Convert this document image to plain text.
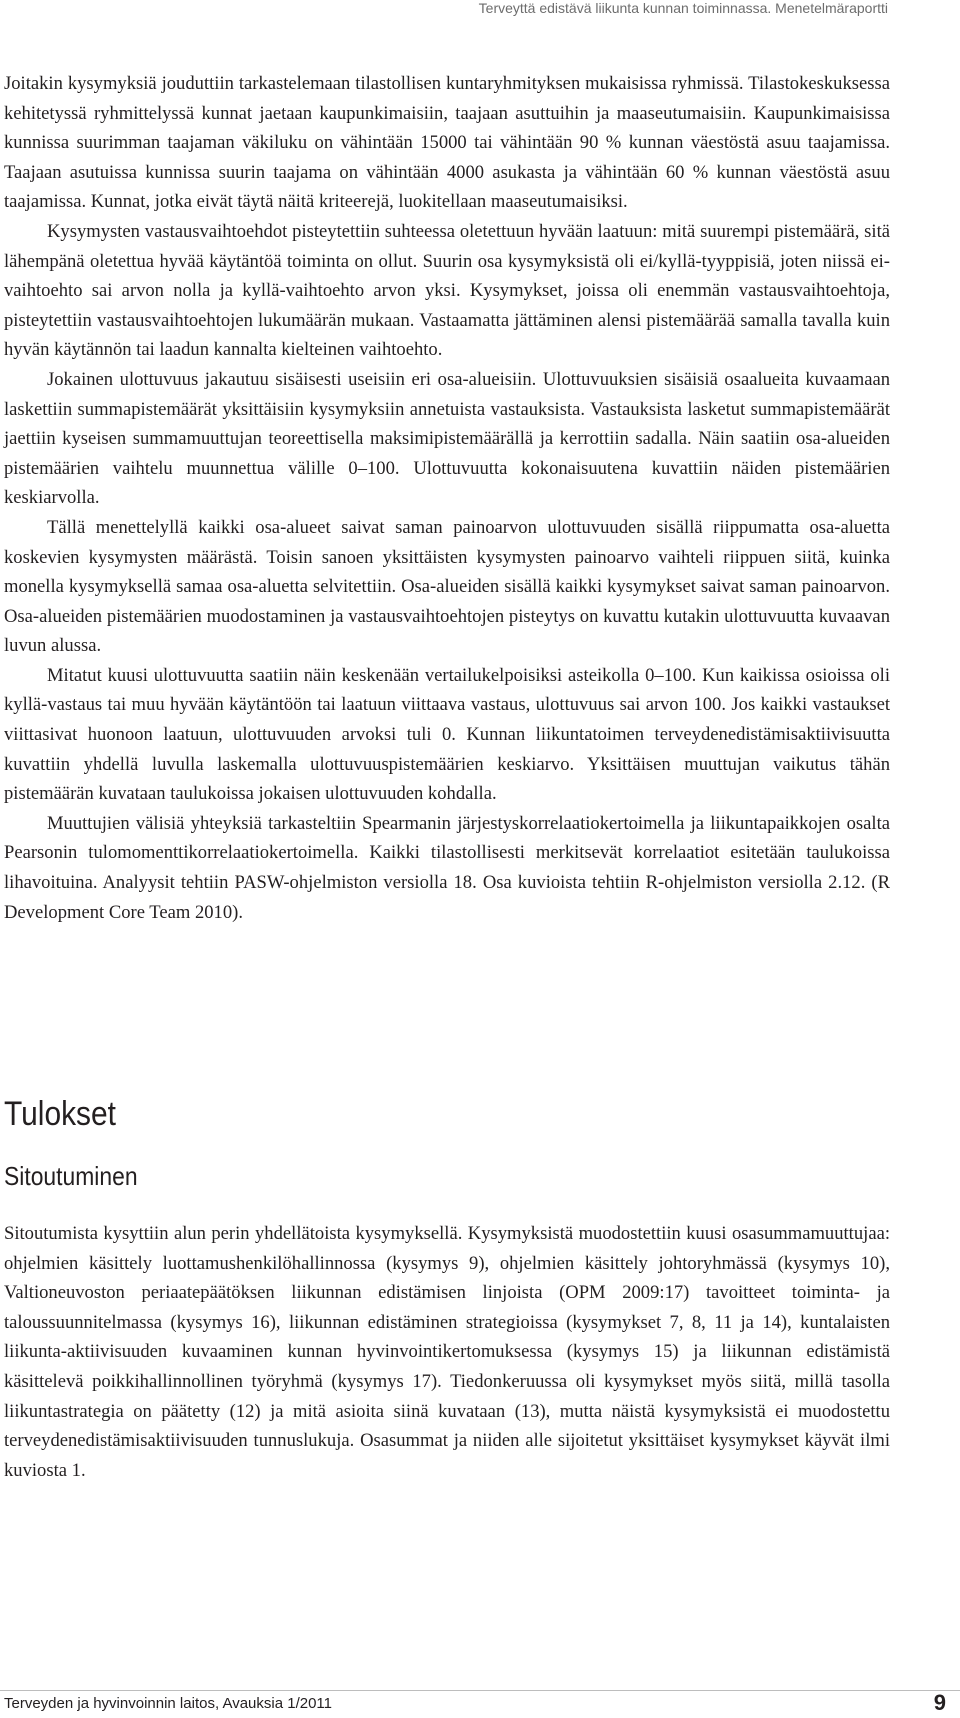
Terveyttä edistävä liikunta kunnan toiminnassa. Menetelmäraportti

Joitakin kysymyksiä jouduttiin tarkastelemaan tilastollisen kuntaryhmityksen mukaisissa ryhmissä. Tilastokeskuksessa kehitetyssä ryhmittelyssä kunnat jaetaan kaupunkimaisiin, taajaan asuttuihin ja maaseutumaisiin. Kaupunkimaisissa kunnissa suurimman taajaman väkiluku on vähintään 15000 tai vähintään 90 % kunnan väestöstä asuu taajamissa. Taajaan asutuissa kunnissa suurin taajama on vähintään 4000 asukasta ja vähintään 60 % kunnan väestöstä asuu taajamissa. Kunnat, jotka eivät täytä näitä kriteerejä, luokitellaan maaseutumaisiksi.

Kysymysten vastausvaihtoehdot pisteytettiin suhteessa oletettuun hyvään laatuun: mitä suurempi pistemäärä, sitä lähempänä oletettua hyvää käytäntöä toiminta on ollut. Suurin osa kysymyksistä oli ei/kyllä-tyyppisiä, joten niissä ei-vaihtoehto sai arvon nolla ja kyllä-vaihtoehto arvon yksi. Kysymykset, joissa oli enemmän vastausvaihtoehtoja, pisteytettiin vastausvaihtoehtojen lukumäärän mukaan. Vastaamatta jättäminen alensi pistemäärää samalla tavalla kuin hyvän käytännön tai laadun kannalta kielteinen vaihtoehto.

Jokainen ulottuvuus jakautuu sisäisesti useisiin eri osa-alueisiin. Ulottuvuuksien sisäisiä osaalueita kuvaamaan laskettiin summapistemäärät yksittäisiin kysymyksiin annetuista vastauksista. Vastauksista lasketut summapistemäärät jaettiin kyseisen summamuuttujan teoreettisella maksimipistemäärällä ja kerrottiin sadalla. Näin saatiin osa-alueiden pistemäärien vaihtelu muunnettua välille 0–100. Ulottuvuutta kokonaisuutena kuvattiin näiden pistemäärien keskiarvolla.

Tällä menettelyllä kaikki osa-alueet saivat saman painoarvon ulottuvuuden sisällä riippumatta osa-aluetta koskevien kysymysten määrästä. Toisin sanoen yksittäisten kysymysten painoarvo vaihteli riippuen siitä, kuinka monella kysymyksellä samaa osa-aluetta selvitettiin. Osa-alueiden sisällä kaikki kysymykset saivat saman painoarvon. Osa-alueiden pistemäärien muodostaminen ja vastausvaihtoehtojen pisteytys on kuvattu kutakin ulottuvuutta kuvaavan luvun alussa.

Mitatut kuusi ulottuvuutta saatiin näin keskenään vertailukelpoisiksi asteikolla 0–100. Kun kaikissa osioissa oli kyllä-vastaus tai muu hyvään käytäntöön tai laatuun viittaava vastaus, ulottuvuus sai arvon 100. Jos kaikki vastaukset viittasivat huonoon laatuun, ulottuvuuden arvoksi tuli 0. Kunnan liikuntatoimen terveydenedistämisaktiivisuutta kuvattiin yhdellä luvulla laskemalla ulottuvuuspistemäärien keskiarvo. Yksittäisen muuttujan vaikutus tähän pistemäärän kuvataan taulukoissa jokaisen ulottuvuuden kohdalla.

Muuttujien välisiä yhteyksiä tarkasteltiin Spearmanin järjestyskorrelaatiokertoimella ja liikuntapaikkojen osalta Pearsonin tulomomenttikorrelaatiokertoimella. Kaikki tilastollisesti merkitsevät korrelaatiot esitetään taulukoissa lihavoituina. Analyysit tehtiin PASW-ohjelmiston versiolla 18. Osa kuvioista tehtiin R-ohjelmiston versiolla 2.12. (R Development Core Team 2010).

Tulokset
Sitoutuminen

Sitoutumista kysyttiin alun perin yhdellätoista kysymyksellä. Kysymyksistä muodostettiin kuusi osasummamuuttujaa: ohjelmien käsittely luottamushenkilöhallinnossa (kysymys 9), ohjelmien käsittely johtoryhmässä (kysymys 10), Valtioneuvoston periaatepäätöksen liikunnan edistämisen linjoista (OPM 2009:17) tavoitteet toiminta- ja taloussuunnitelmassa (kysymys 16), liikunnan edistäminen strategioissa (kysymykset 7, 8, 11 ja 14), kuntalaisten liikunta-aktiivisuuden kuvaaminen kunnan hyvinvointikertomuksessa (kysymys 15) ja liikunnan edistämistä käsittelevä poikkihallinnollinen työryhmä (kysymys 17). Tiedonkeruussa oli kysymykset myös siitä, millä tasolla liikuntastrategia on päätetty (12) ja mitä asioita siinä kuvataan (13), mutta näistä kysymyksistä ei muodostettu terveydenedistämisaktiivisuuden tunnuslukuja. Osasummat ja niiden alle sijoitetut yksittäiset kysymykset käyvät ilmi kuviosta 1.

Terveyden ja hyvinvoinnin laitos, Avauksia 1/2011	9
